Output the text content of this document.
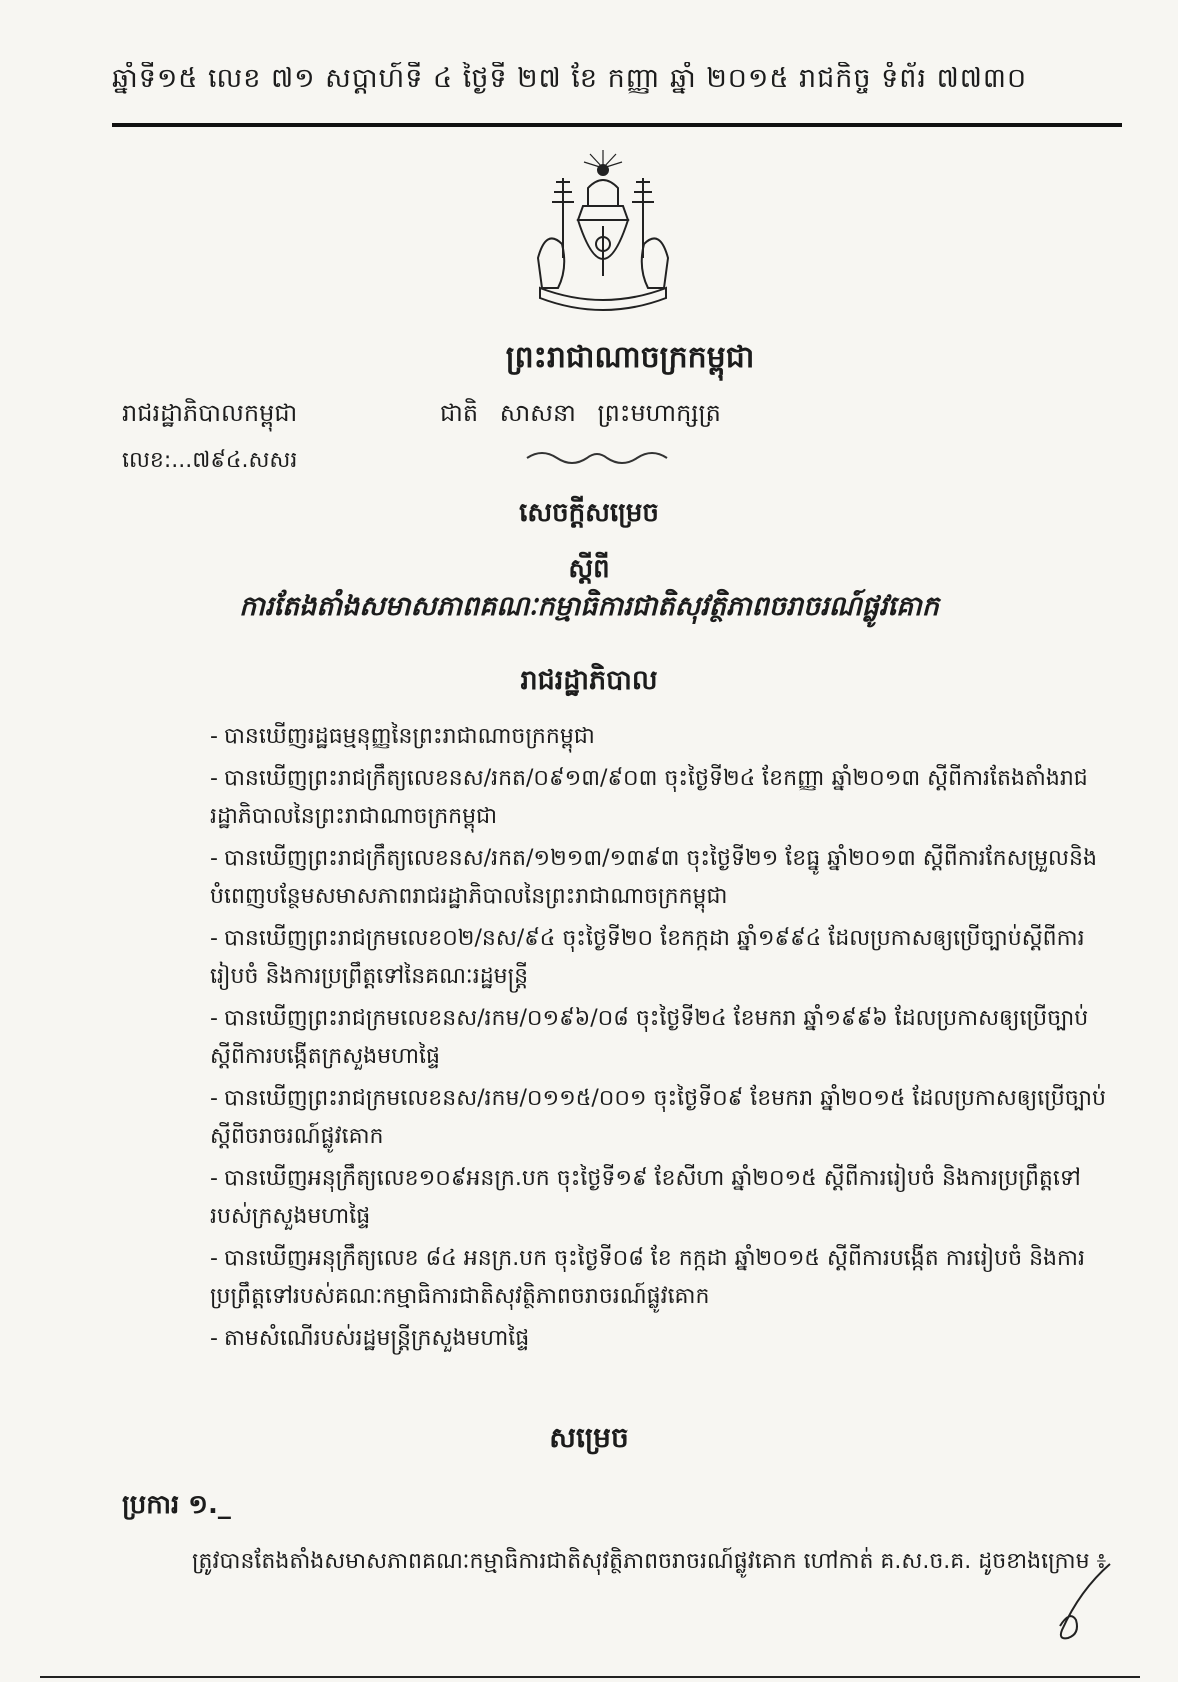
ឆ្នាំទី១៥ លេខ ៧១ សប្ដាហ៍ទី ៤ ថ្ងៃទី ២៧ ខែ កញ្ញា ឆ្នាំ ២០១៥ រាជកិច្ច ទំព័រ ៧៧៣០
ព្រះរាជាណាចក្រកម្ពុជា
រាជរដ្ឋាភិបាលកម្ពុជា	ជាតិ សាសនា ព្រះមហាក្សត្រ
លេខ:...៧៩៤.សសរ
សេចក្ដីសម្រេច
ស្ដីពី
ការតែងតាំងសមាសភាពគណៈកម្មាធិការជាតិសុវត្ថិភាពចរាចរណ៍ផ្លូវគោក
រាជរដ្ឋាភិបាល
- បានឃើញរដ្ឋធម្មនុញ្ញនៃព្រះរាជាណាចក្រកម្ពុជា
- បានឃើញព្រះរាជក្រឹត្យលេខនស/រកត/០៩១៣/៩០៣ ចុះថ្ងៃទី២៤ ខែកញ្ញា ឆ្នាំ២០១៣ ស្ដីពីការតែងតាំងរាជរដ្ឋាភិបាលនៃព្រះរាជាណាចក្រកម្ពុជា
- បានឃើញព្រះរាជក្រឹត្យលេខនស/រកត/១២១៣/១៣៩៣ ចុះថ្ងៃទី២១ ខែធ្នូ ឆ្នាំ២០១៣ ស្ដីពីការកែសម្រួលនិងបំពេញបន្ថែមសមាសភាពរាជរដ្ឋាភិបាលនៃព្រះរាជាណាចក្រកម្ពុជា
- បានឃើញព្រះរាជក្រមលេខ០២/នស/៩៤ ចុះថ្ងៃទី២០ ខែកក្កដា ឆ្នាំ១៩៩៤ ដែលប្រកាសឲ្យប្រើច្បាប់ស្ដីពីការរៀបចំ និងការប្រព្រឹត្តទៅនៃគណៈរដ្ឋមន្ត្រី
- បានឃើញព្រះរាជក្រមលេខនស/រកម/០១៩៦/០៨ ចុះថ្ងៃទី២៤ ខែមករា ឆ្នាំ១៩៩៦ ដែលប្រកាសឲ្យប្រើច្បាប់ស្ដីពីការបង្កើតក្រសួងមហាផ្ទៃ
- បានឃើញព្រះរាជក្រមលេខនស/រកម/០១១៥/០០១ ចុះថ្ងៃទី០៩ ខែមករា ឆ្នាំ២០១៥ ដែលប្រកាសឲ្យប្រើច្បាប់ស្ដីពីចរាចរណ៍ផ្លូវគោក
- បានឃើញអនុក្រឹត្យលេខ១០៩អនក្រ.បក ចុះថ្ងៃទី១៩ ខែសីហា ឆ្នាំ២០១៥ ស្ដីពីការរៀបចំ និងការប្រព្រឹត្តទៅរបស់ក្រសួងមហាផ្ទៃ
- បានឃើញអនុក្រឹត្យលេខ ៨៤ អនក្រ.បក ចុះថ្ងៃទី០៨ ខែ កក្កដា ឆ្នាំ២០១៥ ស្ដីពីការបង្កើត ការរៀបចំ និងការប្រព្រឹត្តទៅរបស់គណៈកម្មាធិការជាតិសុវត្ថិភាពចរាចរណ៍ផ្លូវគោក
- តាមសំណើរបស់រដ្ឋមន្ត្រីក្រសួងមហាផ្ទៃ
សម្រេច
ប្រការ ១._
ត្រូវបានតែងតាំងសមាសភាពគណៈកម្មាធិការជាតិសុវត្ថិភាពចរាចរណ៍ផ្លូវគោក ហៅកាត់ គ.ស.ច.គ. ដូចខាងក្រោម ៖
